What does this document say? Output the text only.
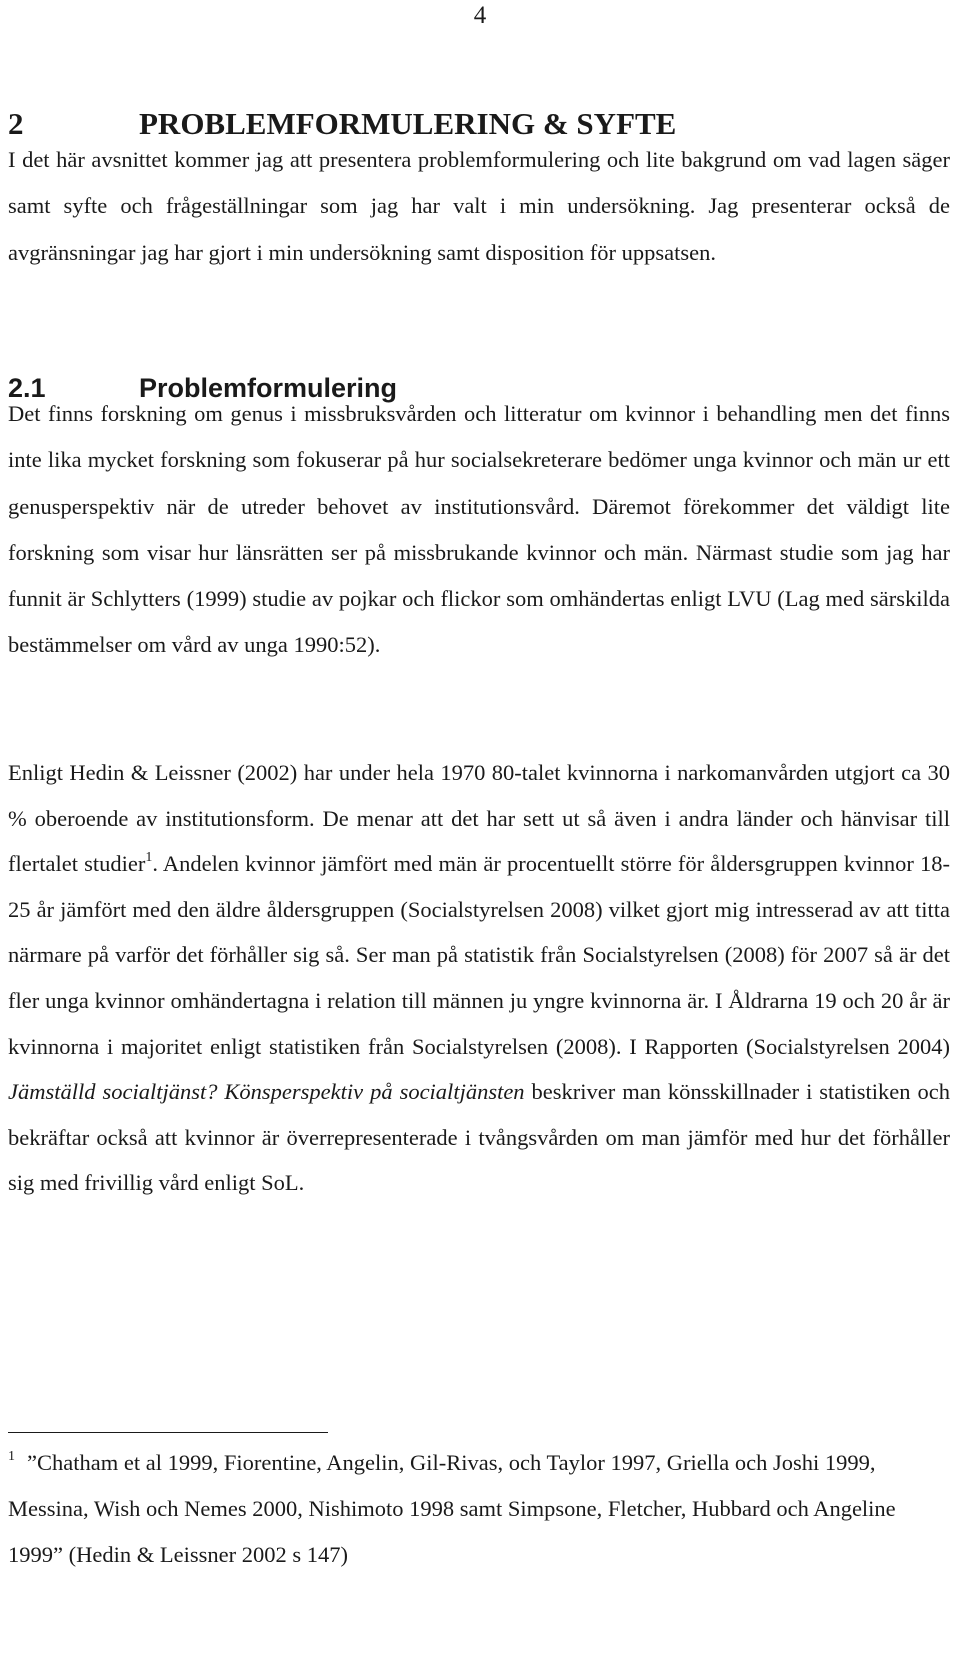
4
2	PROBLEMFORMULERING & SYFTE
I det här avsnittet kommer jag att presentera problemformulering och lite bakgrund om vad lagen säger samt syfte och frågeställningar som jag har valt i min undersökning. Jag presenterar också de avgränsningar jag har gjort i min undersökning samt disposition för uppsatsen.
2.1	Problemformulering
Det finns forskning om genus i missbruksvården och litteratur om kvinnor i behandling men det finns inte lika mycket forskning som fokuserar på hur socialsekreterare bedömer unga kvinnor och män ur ett genusperspektiv när de utreder behovet av institutionsvård. Däremot förekommer det väldigt lite forskning som visar hur länsrätten ser på missbrukande kvinnor och män. Närmast studie som jag har funnit är Schlytters (1999) studie av pojkar och flickor som omhändertas enligt LVU (Lag med särskilda bestämmelser om vård av unga 1990:52).
Enligt Hedin & Leissner (2002) har under hela 1970 80-talet kvinnorna i narkomanvården utgjort ca 30 % oberoende av institutionsform. De menar att det har sett ut så även i andra länder och hänvisar till flertalet studier$^1$. Andelen kvinnor jämfört med män är procentuellt större för åldersgruppen kvinnor 18-25 år jämfört med den äldre åldersgruppen (Socialstyrelsen 2008) vilket gjort mig intresserad av att titta närmare på varför det förhåller sig så. Ser man på statistik från Socialstyrelsen (2008) för 2007 så är det fler unga kvinnor omhändertagna i relation till männen ju yngre kvinnorna är. I Åldrarna 19 och 20 år är kvinnorna i majoritet enligt statistiken från Socialstyrelsen (2008). I Rapporten (Socialstyrelsen 2004) Jämställd socialtjänst? Könsperspektiv på socialtjänsten beskriver man könsskillnader i statistiken och bekräftar också att kvinnor är överrepresenterade i tvångsvården om man jämför med hur det förhåller sig med frivillig vård enligt SoL.
$^1$ ”Chatham et al 1999, Fiorentine, Angelin, Gil-Rivas, och Taylor 1997, Griella och Joshi 1999, Messina, Wish och Nemes 2000, Nishimoto 1998 samt Simpsone, Fletcher, Hubbard och Angeline 1999” (Hedin & Leissner 2002 s 147)
